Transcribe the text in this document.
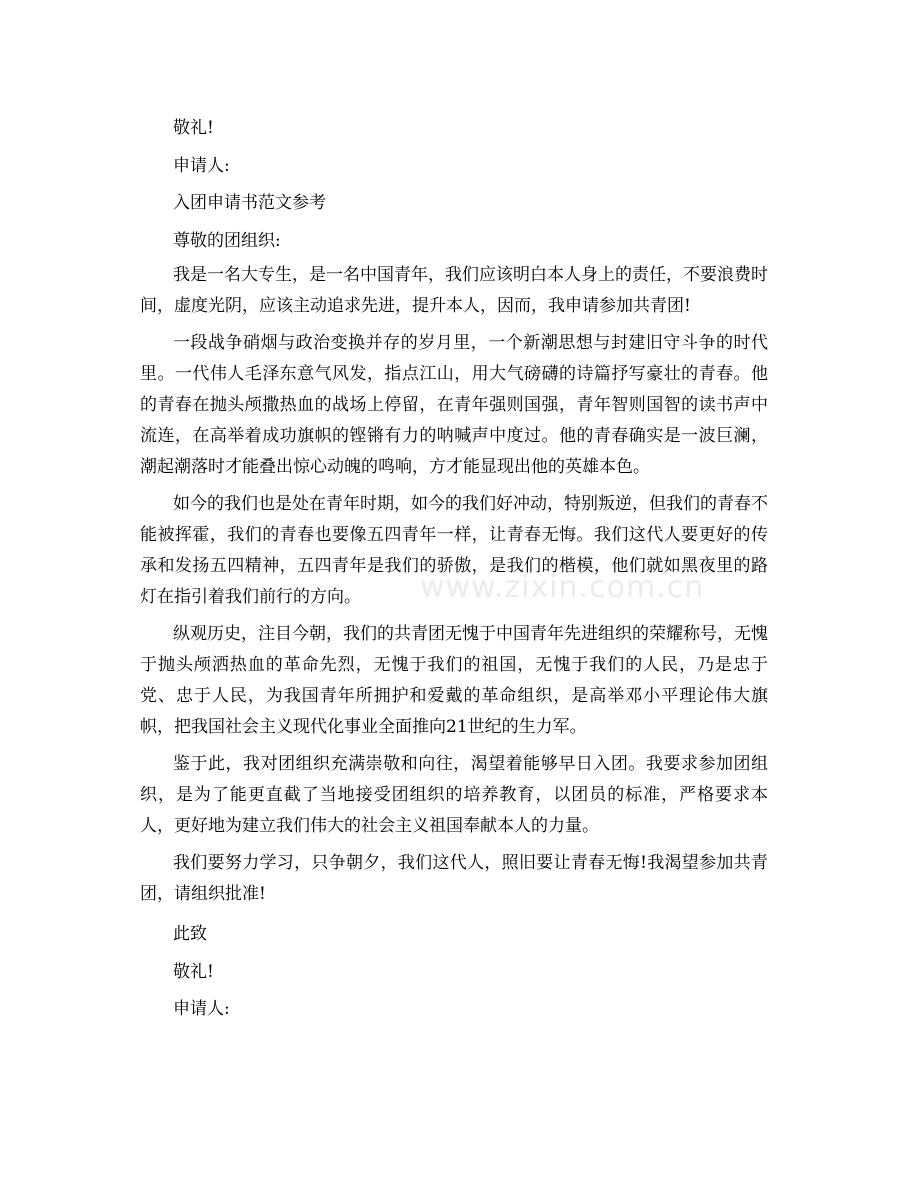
敬礼!

申请人:

入团申请书范文参考

尊敬的团组织:

我是一名大专生，是一名中国青年，我们应该明白本人身上的责任，不要浪费时间，虚度光阴，应该主动追求先进，提升本人，因而，我申请参加共青团!

一段战争硝烟与政治变换并存的岁月里，一个新潮思想与封建旧守斗争的时代里。一代伟人毛泽东意气风发，指点江山，用大气磅礴的诗篇抒写豪壮的青春。他的青春在抛头颅撒热血的战场上停留，在青年强则国强，青年智则国智的读书声中流连，在高举着成功旗帜的铿锵有力的呐喊声中度过。他的青春确实是一波巨澜，潮起潮落时才能叠出惊心动魄的鸣响，方才能显现出他的英雄本色。

如今的我们也是处在青年时期，如今的我们好冲动，特别叛逆，但我们的青春不能被挥霍，我们的青春也要像五四青年一样，让青春无悔。我们这代人要更好的传承和发扬五四精神，五四青年是我们的骄傲，是我们的楷模，他们就如黑夜里的路灯在指引着我们前行的方向。

纵观历史，注目今朝，我们的共青团无愧于中国青年先进组织的荣耀称号，无愧于抛头颅洒热血的革命先烈，无愧于我们的祖国，无愧于我们的人民，乃是忠于党、忠于人民，为我国青年所拥护和爱戴的革命组织，是高举邓小平理论伟大旗帜，把我国社会主义现代化事业全面推向21世纪的生力军。

鉴于此，我对团组织充满崇敬和向往，渴望着能够早日入团。我要求参加团组织，是为了能更直截了当地接受团组织的培养教育，以团员的标准，严格要求本人，更好地为建立我们伟大的社会主义祖国奉献本人的力量。

我们要努力学习，只争朝夕，我们这代人，照旧要让青春无悔!我渴望参加共青团，请组织批准!

此致

敬礼!

申请人:

www.zixin.com.cn
